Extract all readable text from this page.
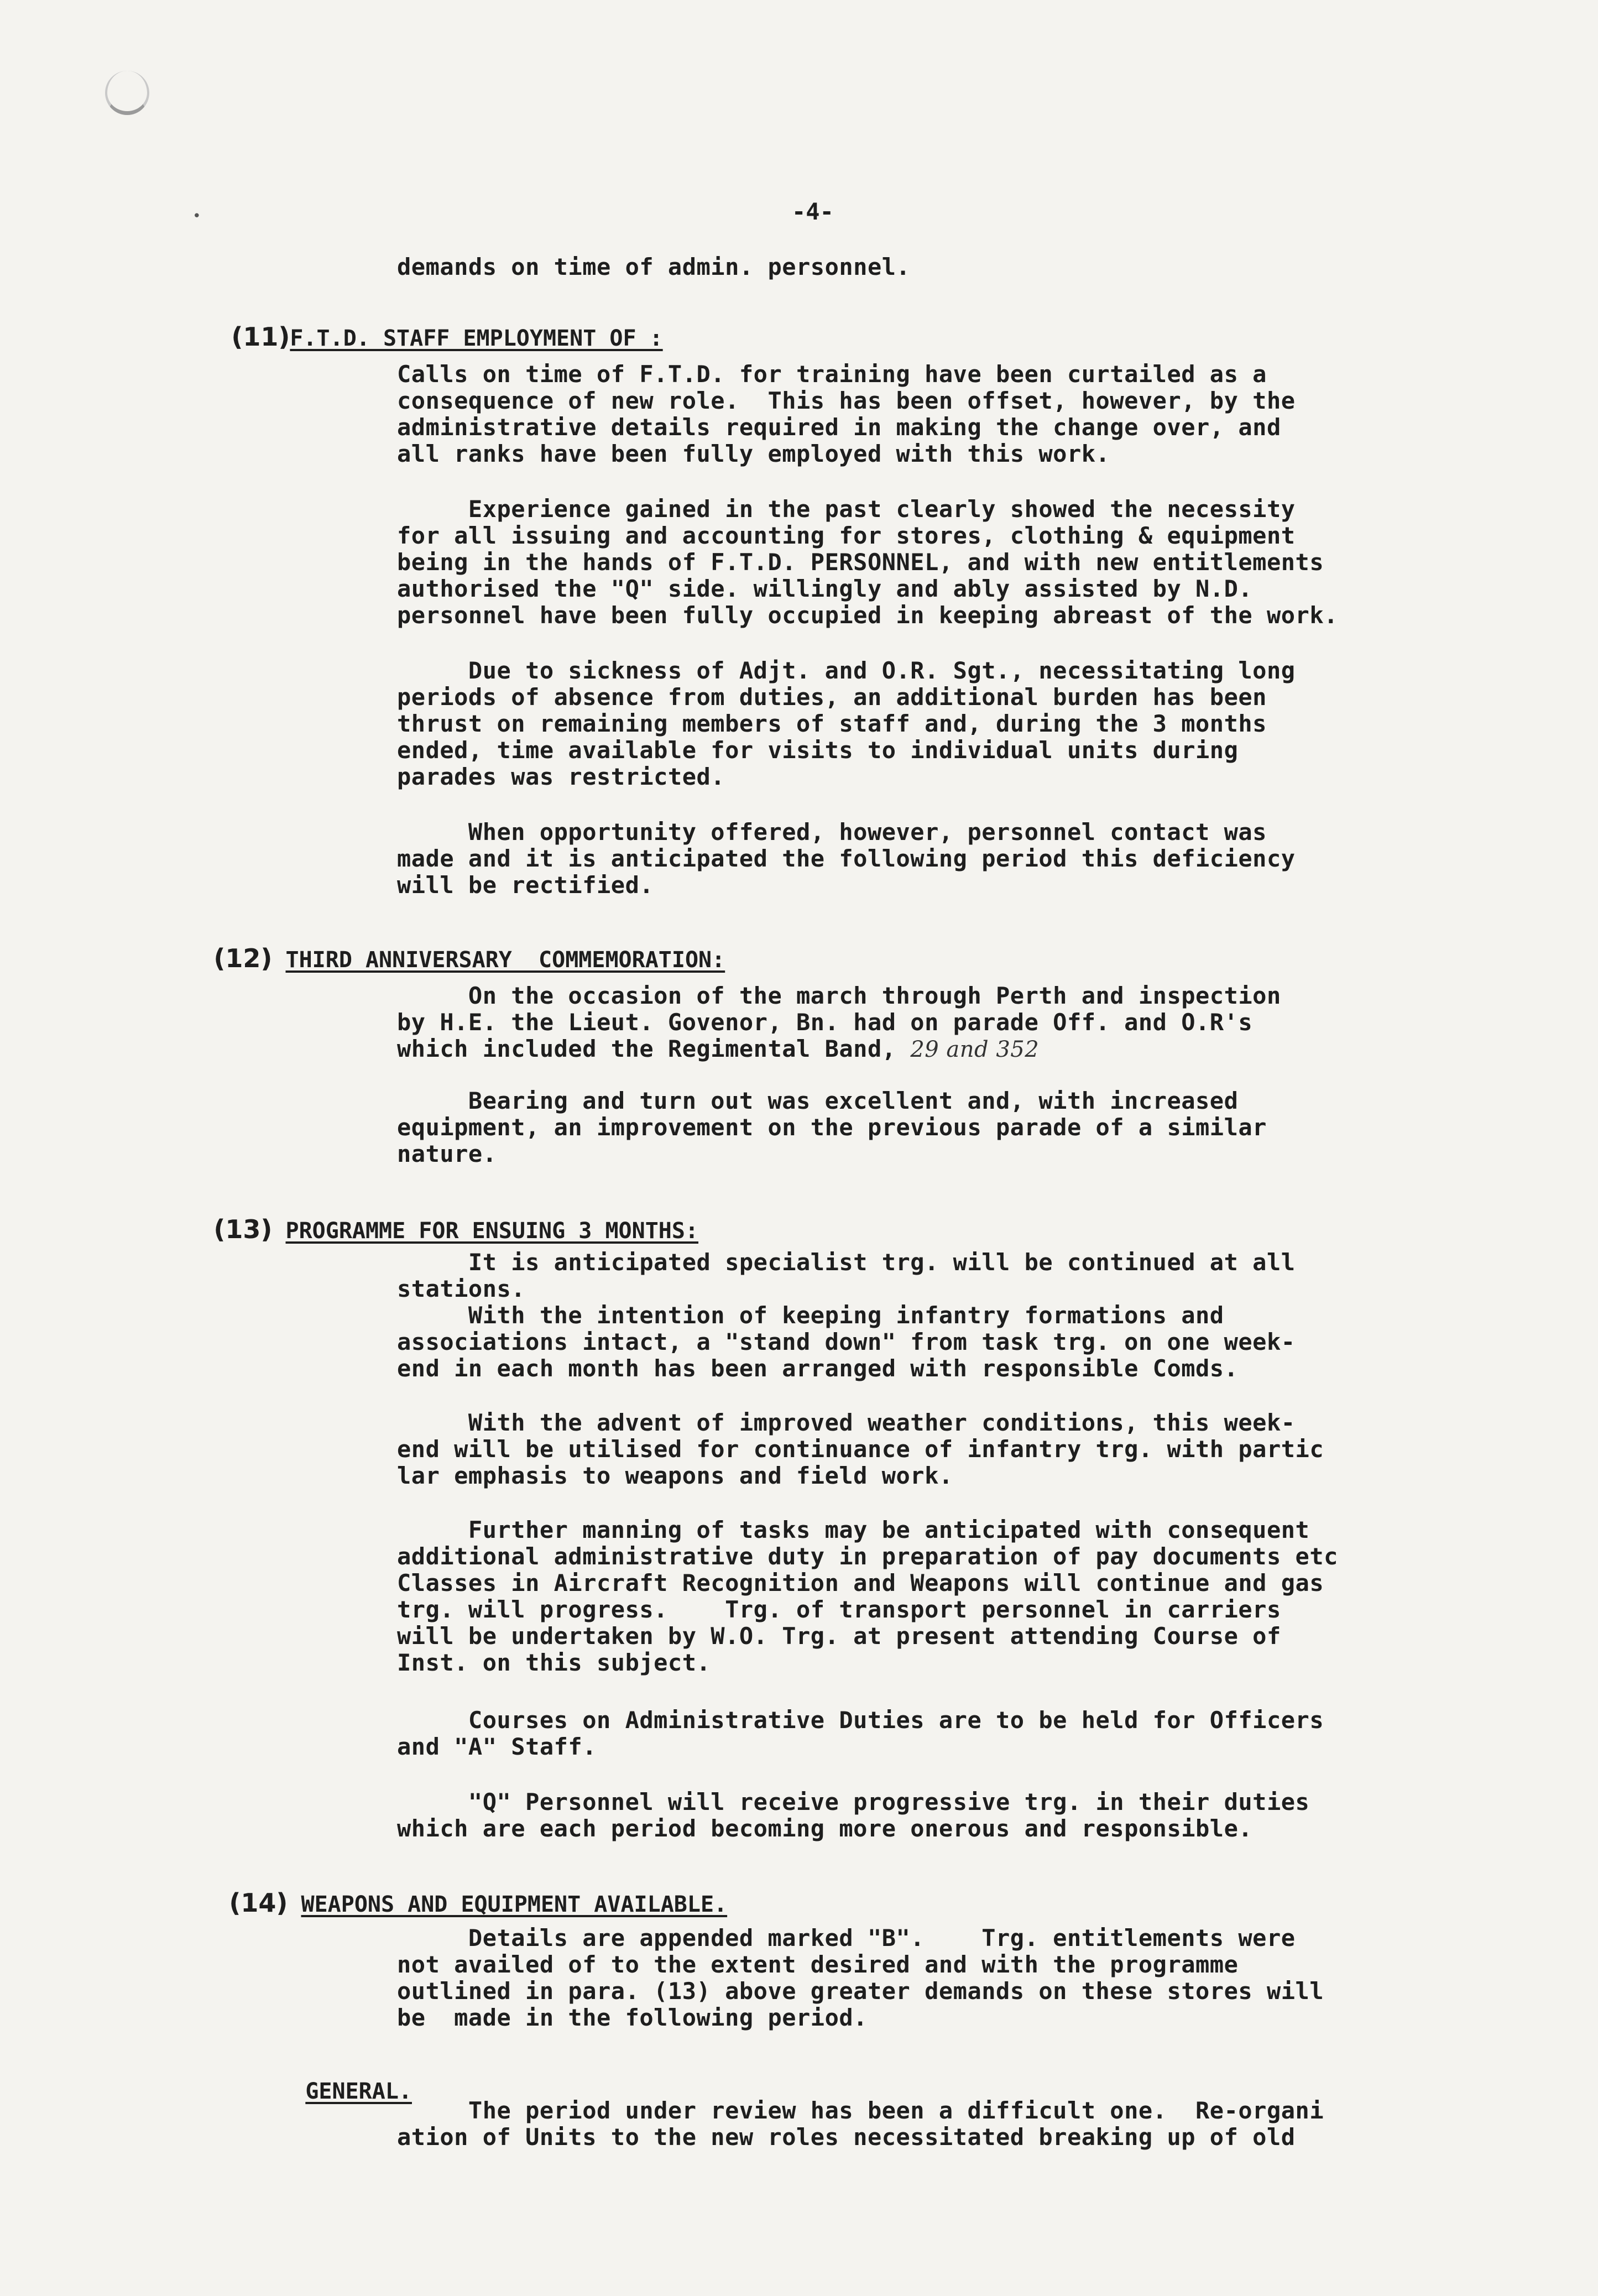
•	-4-
demands on time of admin. personnel.

(11)F.T.D. STAFF EMPLOYMENT OF :

Calls on time of F.T.D. for training have been curtailed as a
consequence of new role.  This has been offset, however, by the
administrative details required in making the change over, and
all ranks have been fully employed with this work.
Experience gained in the past clearly showed the necessity
for all issuing and accounting for stores, clothing & equipment
being in the hands of F.T.D. PERSONNEL, and with new entitlements
authorised the "Q" side. willingly and ably assisted by N.D.
personnel have been fully occupied in keeping abreast of the work.
Due to sickness of Adjt. and O.R. Sgt., necessitating long
periods of absence from duties, an additional burden has been
thrust on remaining members of staff and, during the 3 months
ended, time available for visits to individual units during
parades was restricted.
When opportunity offered, however, personnel contact was
made and it is anticipated the following period this deficiency
will be rectified.

(12) THIRD ANNIVERSARY  COMMEMORATION:

On the occasion of the march through Perth and inspection
by H.E. the Lieut. Govenor, Bn. had on parade Off. and O.R's
which included the Regimental Band, 29 and 352
Bearing and turn out was excellent and, with increased
equipment, an improvement on the previous parade of a similar
nature.

(13) PROGRAMME FOR ENSUING 3 MONTHS:

It is anticipated specialist trg. will be continued at all
stations.
With the intention of keeping infantry formations and
associations intact, a "stand down" from task trg. on one week-
end in each month has been arranged with responsible Comds.
With the advent of improved weather conditions, this week-
end will be utilised for continuance of infantry trg. with partic
lar emphasis to weapons and field work.
Further manning of tasks may be anticipated with consequent
additional administrative duty in preparation of pay documents etc
Classes in Aircraft Recognition and Weapons will continue and gas
trg. will progress.    Trg. of transport personnel in carriers
will be undertaken by W.O. Trg. at present attending Course of
Inst. on this subject.
Courses on Administrative Duties are to be held for Officers
and "A" Staff.
"Q" Personnel will receive progressive trg. in their duties
which are each period becoming more onerous and responsible.

(14) WEAPONS AND EQUIPMENT AVAILABLE.

Details are appended marked "B".    Trg. entitlements were
not availed of to the extent desired and with the programme
outlined in para. (13) above greater demands on these stores will
be  made in the following period.

GENERAL.

The period under review has been a difficult one.  Re-organi
ation of Units to the new roles necessitated breaking up of old
